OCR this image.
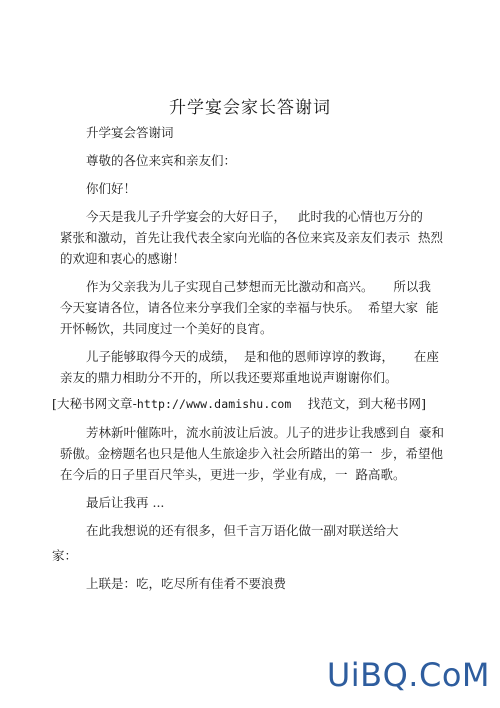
升学宴会家长答谢词

升学宴会答谢词

尊敬的各位来宾和亲友们：

你们好！

今天是我儿子升学宴会的大好日子，   此时我的心情也万分的

紧张和激动，首先让我代表全家向光临的各位来宾及亲友们表示  热烈
的欢迎和衷心的感谢！

作为父亲我为儿子实现自己梦想而无比激动和高兴。     所以我

今天宴请各位，请各位来分享我们全家的幸福与快乐。  希望大家  能
开怀畅饮，共同度过一个美好的良宵。

儿子能够取得今天的成绩，  是和他的恩师谆谆的教诲，     在座

亲友的鼎力相助分不开的，所以我还要郑重地说声谢谢你们。

[大秘书网文章-http://www.damishu.com    找范文，到大秘书网]

芳林新叶催陈叶，流水前波让后波。儿子的进步让我感到自  豪和

骄傲。金榜题名也只是他人生旅途步入社会所踏出的第一  步，希望他
在今后的日子里百尺竿头，更进一步，学业有成，一  路高歌。

最后让我再 ...

在此我想说的还有很多，但千言万语化做一副对联送给大

家：

上联是：吃，吃尽所有佳肴不要浪费

UiBQ.CoM
